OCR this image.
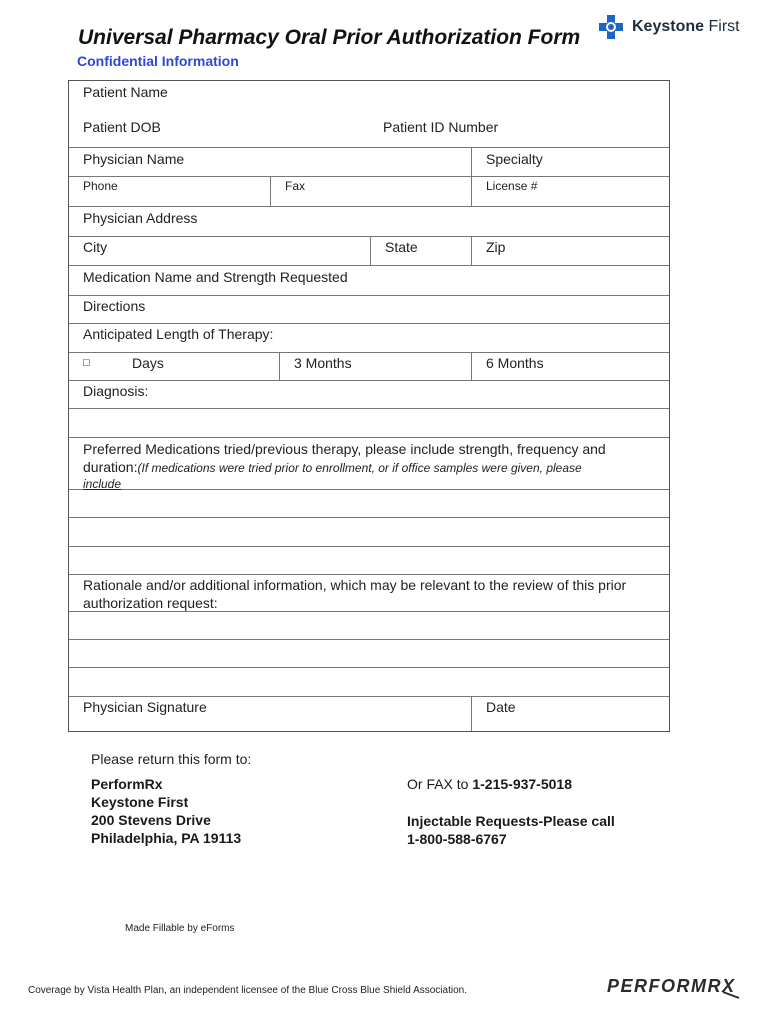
Keystone First
Universal Pharmacy Oral Prior Authorization Form
Confidential Information
Patient Name
Patient DOB	Patient ID Number
Physician Name	Specialty
Phone	Fax	License #
Physician Address
City	State	Zip
Medication Name and Strength Requested
Directions
Anticipated Length of Therapy:
□	Days	3 Months	6 Months
Diagnosis:
Preferred Medications tried/previous therapy, please include strength, frequency and duration:(If medications were tried prior to enrollment, or if office samples were given, please
include
Rationale and/or additional information, which may be relevant to the review of this prior authorization request:
Physician Signature	Date
Please return this form to:
PerformRx
Keystone First
200 Stevens Drive
Philadelphia, PA 19113
Or FAX to 1-215-937-5018
Injectable Requests-Please call
1-800-588-6767
Made Fillable by eForms
Coverage by Vista Health Plan, an independent licensee of the Blue Cross Blue Shield Association.	PERFORMRX
